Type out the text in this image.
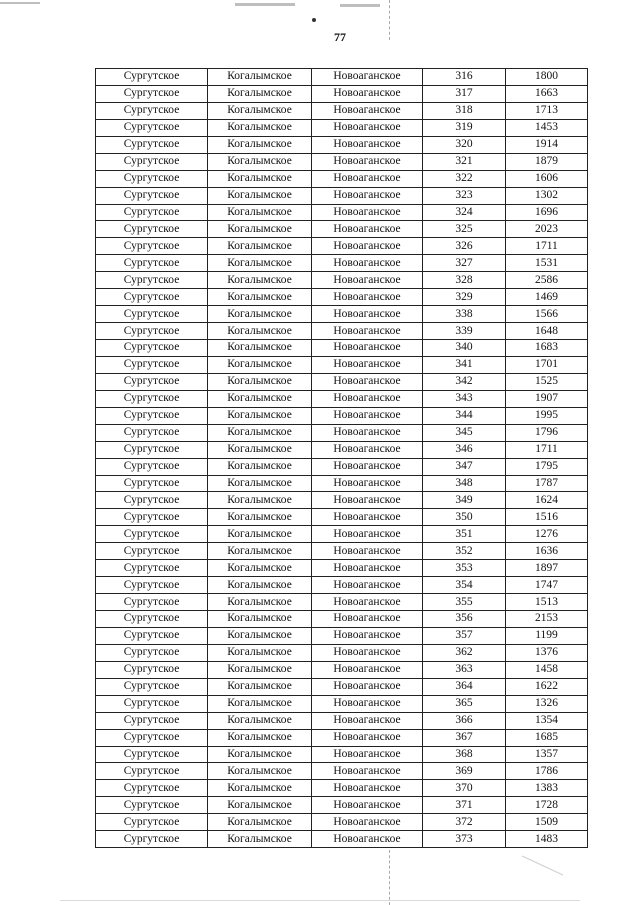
77
Сургутское	Когалымское	Новоаганское	316	1800
Сургутское	Когалымское	Новоаганское	317	1663
Сургутское	Когалымское	Новоаганское	318	1713
Сургутское	Когалымское	Новоаганское	319	1453
Сургутское	Когалымское	Новоаганское	320	1914
Сургутское	Когалымское	Новоаганское	321	1879
Сургутское	Когалымское	Новоаганское	322	1606
Сургутское	Когалымское	Новоаганское	323	1302
Сургутское	Когалымское	Новоаганское	324	1696
Сургутское	Когалымское	Новоаганское	325	2023
Сургутское	Когалымское	Новоаганское	326	1711
Сургутское	Когалымское	Новоаганское	327	1531
Сургутское	Когалымское	Новоаганское	328	2586
Сургутское	Когалымское	Новоаганское	329	1469
Сургутское	Когалымское	Новоаганское	338	1566
Сургутское	Когалымское	Новоаганское	339	1648
Сургутское	Когалымское	Новоаганское	340	1683
Сургутское	Когалымское	Новоаганское	341	1701
Сургутское	Когалымское	Новоаганское	342	1525
Сургутское	Когалымское	Новоаганское	343	1907
Сургутское	Когалымское	Новоаганское	344	1995
Сургутское	Когалымское	Новоаганское	345	1796
Сургутское	Когалымское	Новоаганское	346	1711
Сургутское	Когалымское	Новоаганское	347	1795
Сургутское	Когалымское	Новоаганское	348	1787
Сургутское	Когалымское	Новоаганское	349	1624
Сургутское	Когалымское	Новоаганское	350	1516
Сургутское	Когалымское	Новоаганское	351	1276
Сургутское	Когалымское	Новоаганское	352	1636
Сургутское	Когалымское	Новоаганское	353	1897
Сургутское	Когалымское	Новоаганское	354	1747
Сургутское	Когалымское	Новоаганское	355	1513
Сургутское	Когалымское	Новоаганское	356	2153
Сургутское	Когалымское	Новоаганское	357	1199
Сургутское	Когалымское	Новоаганское	362	1376
Сургутское	Когалымское	Новоаганское	363	1458
Сургутское	Когалымское	Новоаганское	364	1622
Сургутское	Когалымское	Новоаганское	365	1326
Сургутское	Когалымское	Новоаганское	366	1354
Сургутское	Когалымское	Новоаганское	367	1685
Сургутское	Когалымское	Новоаганское	368	1357
Сургутское	Когалымское	Новоаганское	369	1786
Сургутское	Когалымское	Новоаганское	370	1383
Сургутское	Когалымское	Новоаганское	371	1728
Сургутское	Когалымское	Новоаганское	372	1509
Сургутское	Когалымское	Новоаганское	373	1483
